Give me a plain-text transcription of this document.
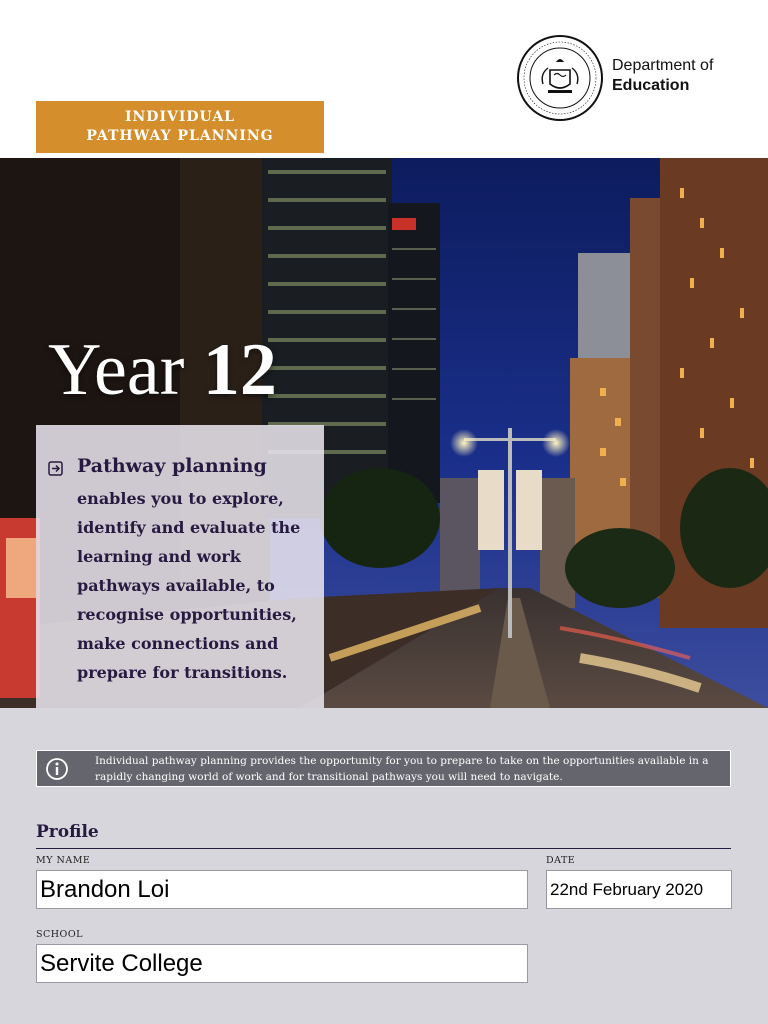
INDIVIDUAL
PATHWAY PLANNING
Department of
Education
Year 12
Pathway planning
enables you to explore, identify and evaluate the learning and work pathways available, to recognise opportunities, make connections and prepare for transitions.
Individual pathway planning provides the opportunity for you to prepare to take on the opportunities available in a rapidly changing world of work and for transitional pathways you will need to navigate.
Profile
MY NAME
Brandon Loi
DATE
22nd February 2020
SCHOOL
Servite College
